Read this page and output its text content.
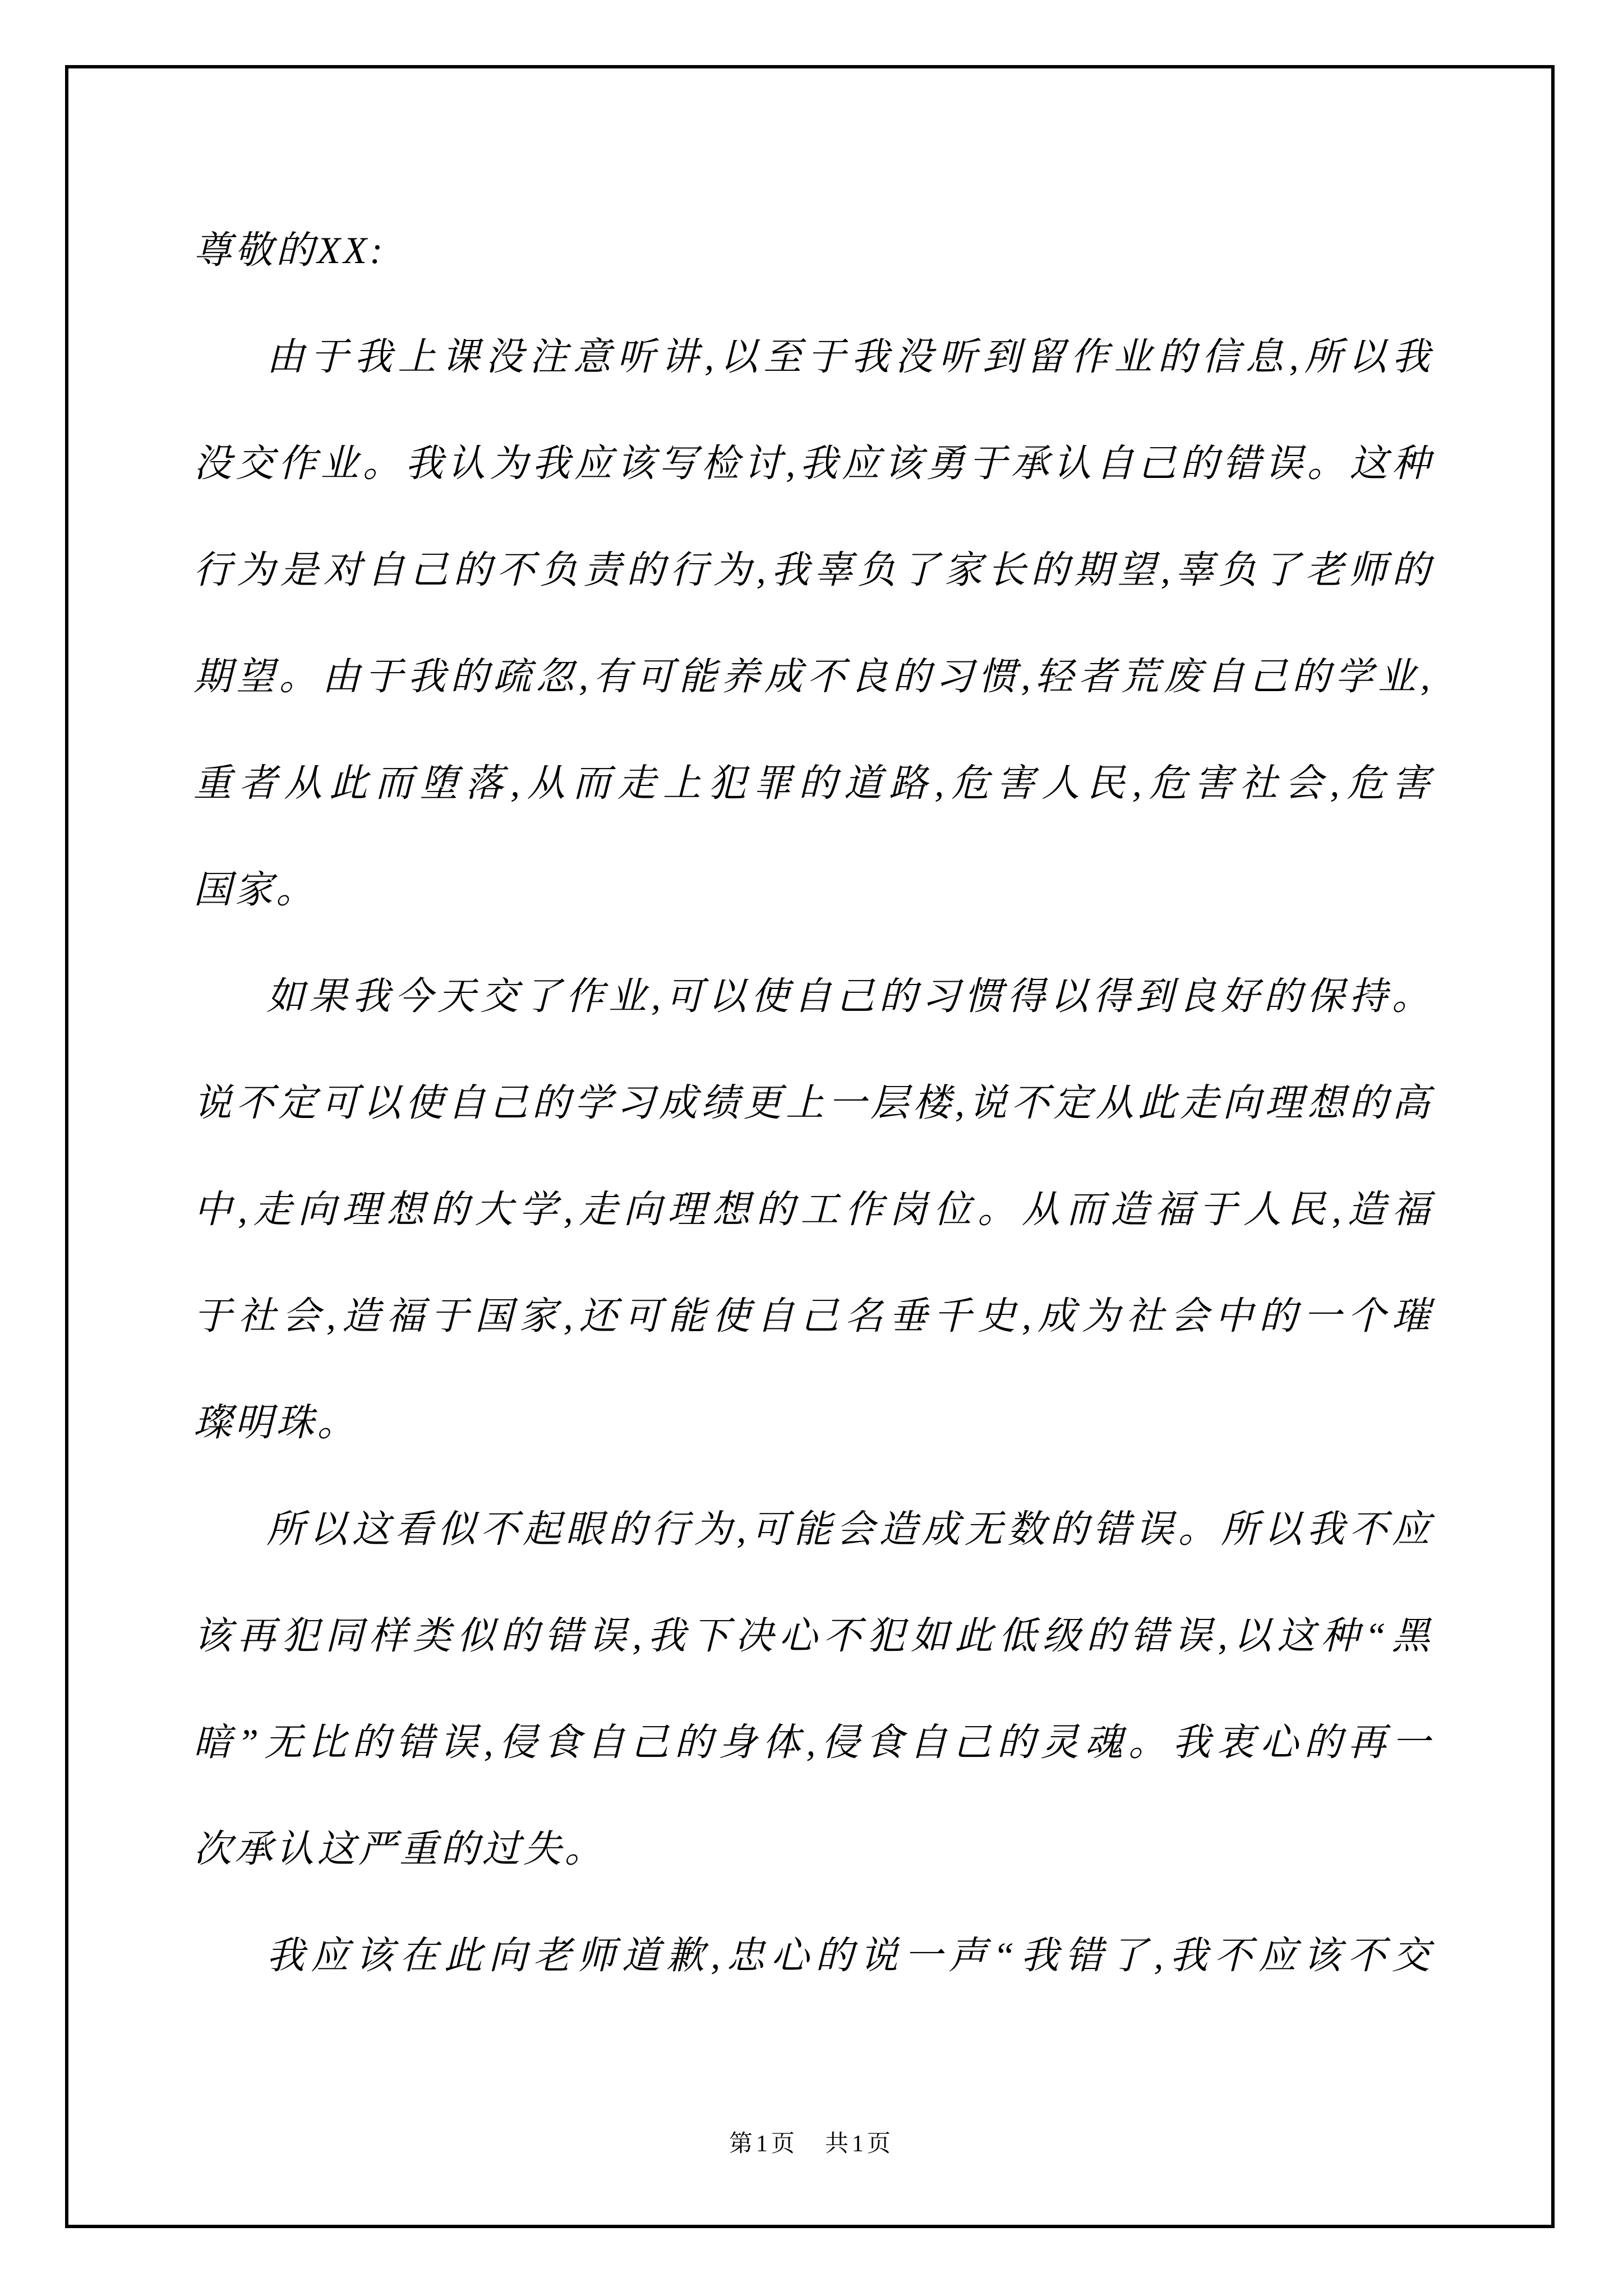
尊敬的XX:
由 于 我 上 课 没 注 意 听 讲 , 以 至 于 我 没 听 到 留 作 业 的 信 息 , 所 以 我
没 交 作 业 。 我 认 为 我 应 该 写 检 讨 , 我 应 该 勇 于 承 认 自 己 的 错 误 。 这 种
行 为 是 对 自 己 的 不 负 责 的 行 为 , 我 辜 负 了 家 长 的 期 望 , 辜 负 了 老 师 的
期 望 。 由 于 我 的 疏 忽 , 有 可 能 养 成 不 良 的 习 惯 , 轻 者 荒 废 自 己 的 学 业 ,
重 者 从 此 而 堕 落 , 从 而 走 上 犯 罪 的 道 路 , 危 害 人 民 , 危 害 社 会 , 危 害
国家。
如 果 我 今 天 交 了 作 业 , 可 以 使 自 己 的 习 惯 得 以 得 到 良 好 的 保 持 。
说 不 定 可 以 使 自 己 的 学 习 成 绩 更 上 一 层 楼 , 说 不 定 从 此 走 向 理 想 的 高
中 , 走 向 理 想 的 大 学 , 走 向 理 想 的 工 作 岗 位 。 从 而 造 福 于 人 民 , 造 福
于 社 会 , 造 福 于 国 家 , 还 可 能 使 自 己 名 垂 千 史 , 成 为 社 会 中 的 一 个 璀
璨明珠。
所 以 这 看 似 不 起 眼 的 行 为 , 可 能 会 造 成 无 数 的 错 误 。 所 以 我 不 应
该 再 犯 同 样 类 似 的 错 误 , 我 下 决 心 不 犯 如 此 低 级 的 错 误 , 以 这 种 “ 黑
暗 ” 无 比 的 错 误 , 侵 食 自 己 的 身 体 , 侵 食 自 己 的 灵 魂 。 我 衷 心 的 再 一
次承认这严重的过失。
我 应 该 在 此 向 老 师 道 歉 , 忠 心 的 说 一 声 “ 我 错 了 , 我 不 应 该 不 交
第1页　共1页
